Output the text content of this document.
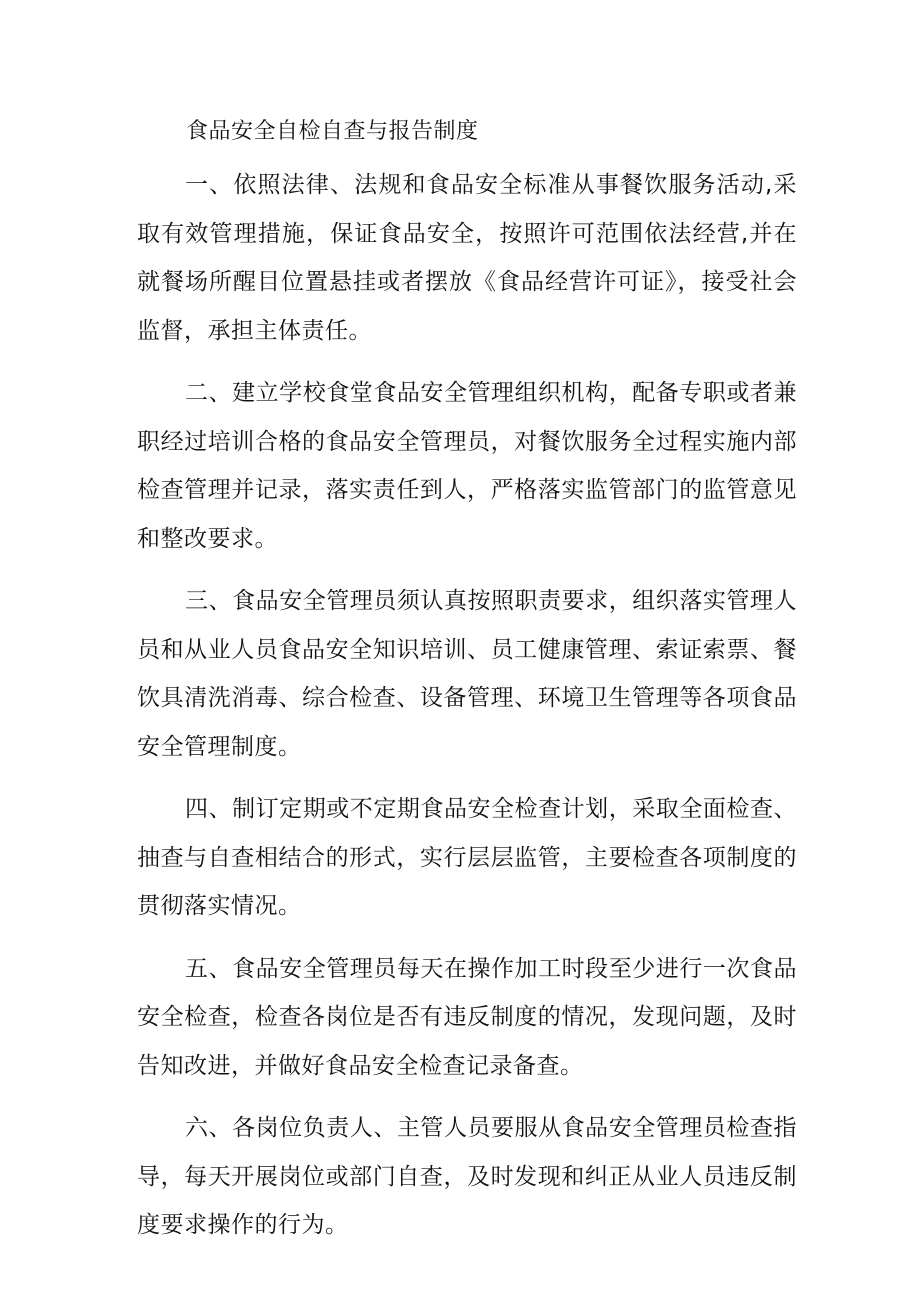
食品安全自检自查与报告制度

一、依照法律、法规和食品安全标准从事餐饮服务活动,采取有效管理措施，保证食品安全，按照许可范围依法经营,并在就餐场所醒目位置悬挂或者摆放《食品经营许可证》，接受社会监督，承担主体责任。

二、建立学校食堂食品安全管理组织机构，配备专职或者兼职经过培训合格的食品安全管理员，对餐饮服务全过程实施内部检查管理并记录，落实责任到人，严格落实监管部门的监管意见和整改要求。

三、食品安全管理员须认真按照职责要求，组织落实管理人员和从业人员食品安全知识培训、员工健康管理、索证索票、餐饮具清洗消毒、综合检查、设备管理、环境卫生管理等各项食品安全管理制度。

四、制订定期或不定期食品安全检查计划，采取全面检查、抽查与自查相结合的形式，实行层层监管，主要检查各项制度的贯彻落实情况。

五、食品安全管理员每天在操作加工时段至少进行一次食品安全检查，检查各岗位是否有违反制度的情况，发现问题，及时告知改进，并做好食品安全检查记录备查。

六、各岗位负责人、主管人员要服从食品安全管理员检查指导，每天开展岗位或部门自查，及时发现和纠正从业人员违反制度要求操作的行为。
